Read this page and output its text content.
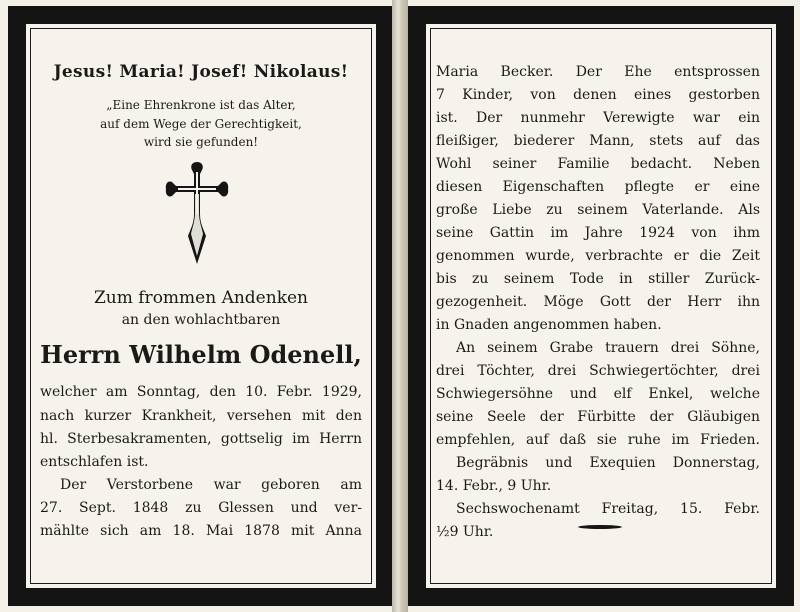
Jesus! Maria! Josef! Nikolaus!
„Eine Ehrenkrone ist das Alter,
auf dem Wege der Gerechtigkeit,
wird sie gefunden!
Zum frommen Andenken
an den wohlachtbaren
Herrn Wilhelm Odenell,
welcher am Sonntag, den 10. Febr. 1929,
nach kurzer Krankheit, versehen mit den
hl. Sterbesakramenten, gottselig im Herrn
entschlafen ist.
Der Verstorbene war geboren am
27. Sept. 1848 zu Glessen und ver-
mählte sich am 18. Mai 1878 mit Anna
Maria Becker. Der Ehe entsprossen
7 Kinder, von denen eines gestorben
ist. Der nunmehr Verewigte war ein
fleißiger, biederer Mann, stets auf das
Wohl seiner Familie bedacht. Neben
diesen Eigenschaften pflegte er eine
große Liebe zu seinem Vaterlande. Als
seine Gattin im Jahre 1924 von ihm
genommen wurde, verbrachte er die Zeit
bis zu seinem Tode in stiller Zurück-
gezogenheit. Möge Gott der Herr ihn
in Gnaden angenommen haben.
An seinem Grabe trauern drei Söhne,
drei Töchter, drei Schwiegertöchter, drei
Schwiegersöhne und elf Enkel, welche
seine Seele der Fürbitte der Gläubigen
empfehlen, auf daß sie ruhe im Frieden.
Begräbnis und Exequien Donnerstag,
14. Febr., 9 Uhr.
Sechswochenamt Freitag, 15. Febr.
½9 Uhr.
